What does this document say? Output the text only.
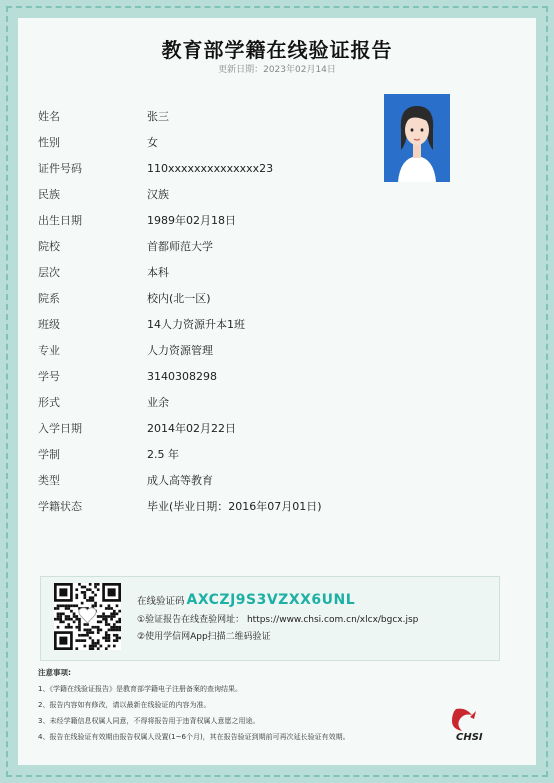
教育部学籍在线验证报告
更新日期：2023年02月14日
姓名	张三
性别	女
证件号码	110xxxxxxxxxxxxxx23
民族	汉族
出生日期	1989年02月18日
院校	首都师范大学
层次	本科
院系	校内(北一区)
班级	14人力资源升本1班
专业	人力资源管理
学号	3140308298
形式	业余
入学日期	2014年02月22日
学制	2.5 年
类型	成人高等教育
学籍状态	毕业(毕业日期：2016年07月01日)
在线验证码 AXCZJ9S3VZXX6UNL
①验证报告在线查验网址： https://www.chsi.com.cn/xlcx/bgcx.jsp
②使用学信网App扫描二维码验证
注意事项:
1、《学籍在线验证报告》是教育部学籍电子注册备案的查询结果。
2、报告内容如有修改，请以最新在线验证的内容为准。
3、未经学籍信息权属人同意，不得将报告用于违背权属人意愿之用途。
4、报告在线验证有效期由报告权属人设置(1~6个月)，其在报告验证到期前可再次延长验证有效期。	CHSI
